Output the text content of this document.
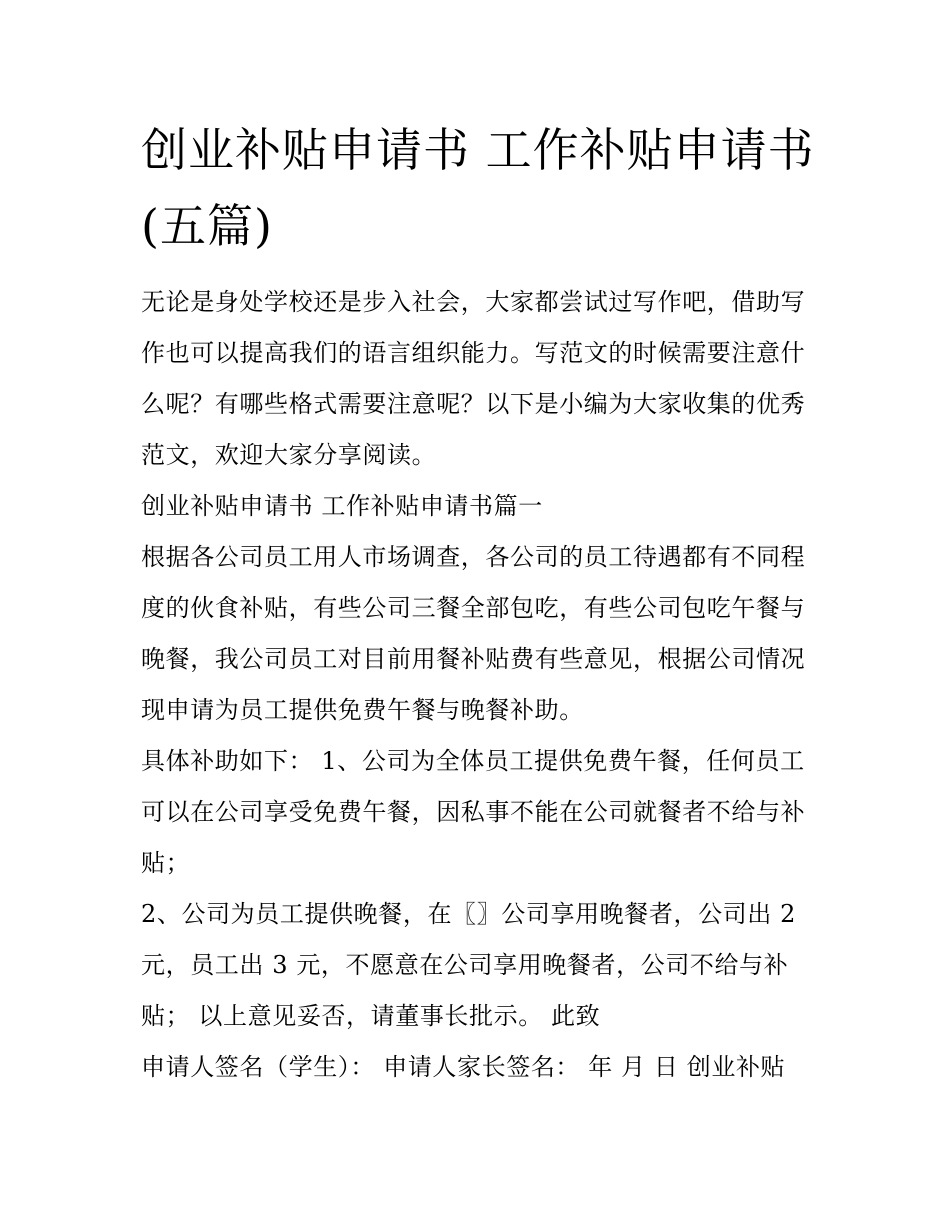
创业补贴申请书 工作补贴申请书(五篇)

无论是身处学校还是步入社会，大家都尝试过写作吧，借助写作也可以提高我们的语言组织能力。写范文的时候需要注意什么呢？有哪些格式需要注意呢？以下是小编为大家收集的优秀范文，欢迎大家分享阅读。

创业补贴申请书 工作补贴申请书篇一

根据各公司员工用人市场调查，各公司的员工待遇都有不同程度的伙食补贴，有些公司三餐全部包吃，有些公司包吃午餐与晚餐，我公司员工对目前用餐补贴费有些意见，根据公司情况现申请为员工提供免费午餐与晚餐补助。

具体补助如下： 1、公司为全体员工提供免费午餐，任何员工可以在公司享受免费午餐，因私事不能在公司就餐者不给与补贴；

2、公司为员工提供晚餐，在〖〗公司享用晚餐者，公司出 2 元，员工出 3 元，不愿意在公司享用晚餐者，公司不给与补贴； 以上意见妥否，请董事长批示。 此致

申请人签名（学生）： 申请人家长签名： 年 月 日 创业补贴
